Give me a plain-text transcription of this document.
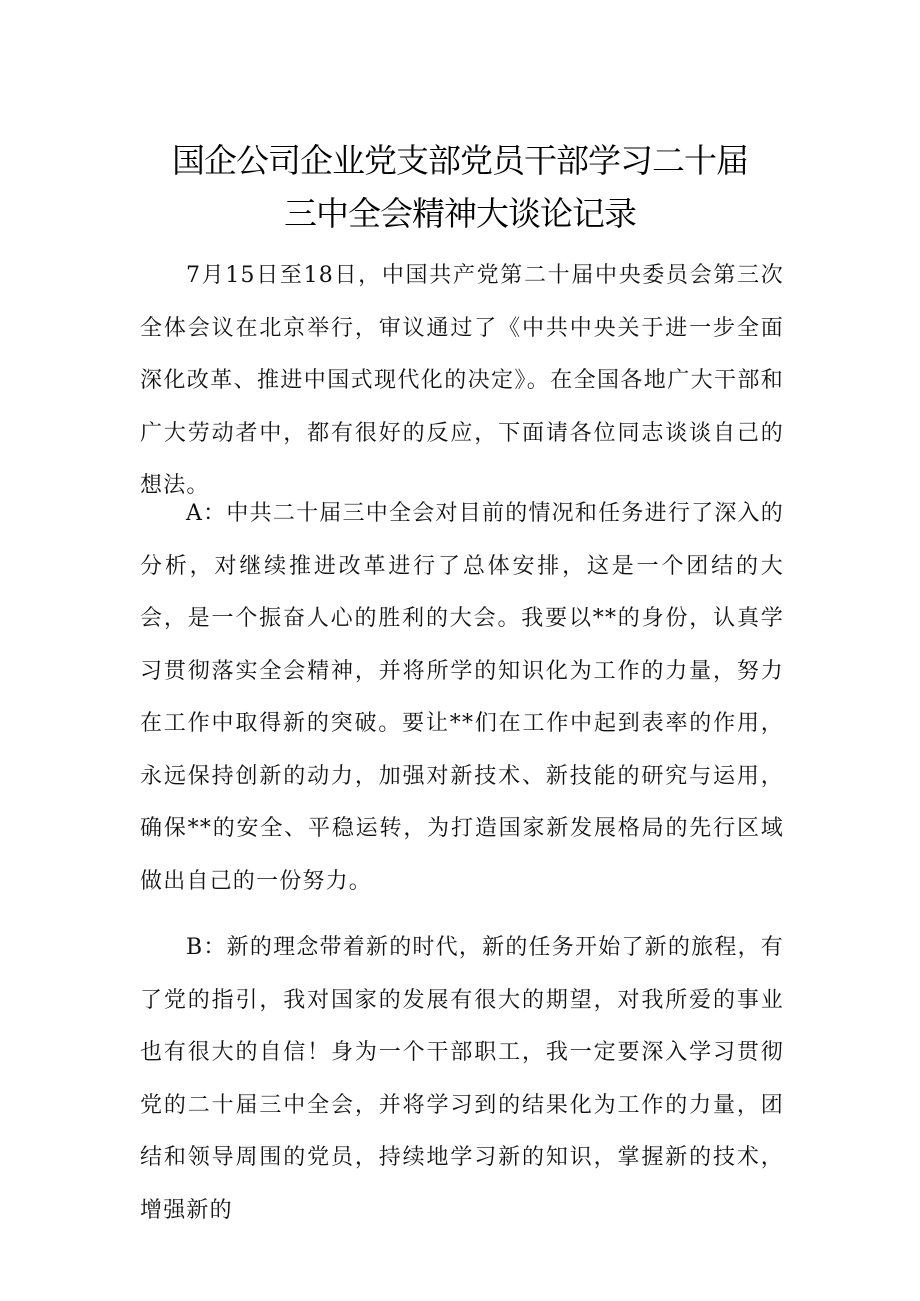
国企公司企业党支部党员干部学习二十届
三中全会精神大谈论记录

7月15日至18日，中国共产党第二十届中央委员会第三次全体会议在北京举行，审议通过了《中共中央关于进一步全面深化改革、推进中国式现代化的决定》。在全国各地广大干部和广大劳动者中，都有很好的反应，下面请各位同志谈谈自己的想法。

A：中共二十届三中全会对目前的情况和任务进行了深入的分析，对继续推进改革进行了总体安排，这是一个团结的大会，是一个振奋人心的胜利的大会。我要以**的身份，认真学习贯彻落实全会精神，并将所学的知识化为工作的力量，努力在工作中取得新的突破。要让**们在工作中起到表率的作用，永远保持创新的动力，加强对新技术、新技能的研究与运用，确保**的安全、平稳运转，为打造国家新发展格局的先行区域做出自己的一份努力。

B：新的理念带着新的时代，新的任务开始了新的旅程，有了党的指引，我对国家的发展有很大的期望，对我所爱的事业也有很大的自信！身为一个干部职工，我一定要深入学习贯彻党的二十届三中全会，并将学习到的结果化为工作的力量，团结和领导周围的党员，持续地学习新的知识，掌握新的技术，增强新的
